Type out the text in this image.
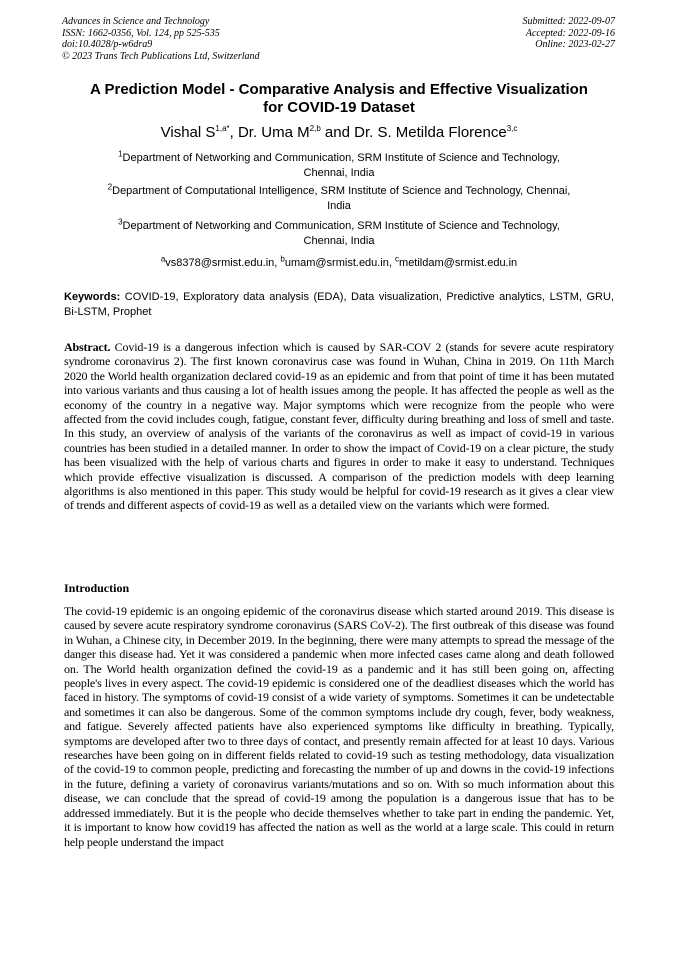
Advances in Science and Technology
ISSN: 1662-0356, Vol. 124, pp 525-535
doi:10.4028/p-w6dra9
© 2023 Trans Tech Publications Ltd, Switzerland
Submitted: 2022-09-07
Accepted: 2022-09-16
Online: 2023-02-27
A Prediction Model - Comparative Analysis and Effective Visualization
for COVID-19 Dataset
Vishal $S^{1,a*}$, Dr. Uma M$^{2,b}$ and Dr. S. Metilda Florence$^{3,c}$
$^1$Department of Networking and Communication, SRM Institute of Science and Technology,
Chennai, India
$^2$Department of Computational Intelligence, SRM Institute of Science and Technology, Chennai,
India
$^3$Department of Networking and Communication, SRM Institute of Science and Technology,
Chennai, India
$^a$vs8378@srmist.edu.in, $^b$umam@srmist.edu.in, $^c$metildam@srmist.edu.in
Keywords: COVID-19, Exploratory data analysis (EDA), Data visualization, Predictive analytics, LSTM, GRU, Bi-LSTM, Prophet
Abstract. Covid-19 is a dangerous infection which is caused by SAR-COV 2 (stands for severe acute respiratory syndrome coronavirus 2). The first known coronavirus case was found in Wuhan, China in 2019. On 11th March 2020 the World health organization declared covid-19 as an epidemic and from that point of time it has been mutated into various variants and thus causing a lot of health issues among the people. It has affected the people as well as the economy of the country in a negative way. Major symptoms which were recognize from the people who were affected from the covid includes cough, fatigue, constant fever, difficulty during breathing and loss of smell and taste. In this study, an overview of analysis of the variants of the coronavirus as well as impact of covid-19 in various countries has been studied in a detailed manner. In order to show the impact of Covid-19 on a clear picture, the study has been visualized with the help of various charts and figures in order to make it easy to understand. Techniques which provide effective visualization is discussed. A comparison of the prediction models with deep learning algorithms is also mentioned in this paper. This study would be helpful for covid-19 research as it gives a clear view of trends and different aspects of covid-19 as well as a detailed view on the variants which were formed.
Introduction
The covid-19 epidemic is an ongoing epidemic of the coronavirus disease which started around 2019. This disease is caused by severe acute respiratory syndrome coronavirus (SARS CoV-2). The first outbreak of this disease was found in Wuhan, a Chinese city, in December 2019. In the beginning, there were many attempts to spread the message of the danger this disease had. Yet it was considered a pandemic when more infected cases came along and death followed on. The World health organization defined the covid-19 as a pandemic and it has still been going on, affecting people's lives in every aspect. The covid-19 epidemic is considered one of the deadliest diseases which the world has faced in history. The symptoms of covid-19 consist of a wide variety of symptoms. Sometimes it can be undetectable and sometimes it can also be dangerous. Some of the common symptoms include dry cough, fever, body weakness, and fatigue. Severely affected patients have also experienced symptoms like difficulty in breathing. Typically, symptoms are developed after two to three days of contact, and presently remain affected for at least 10 days. Various researches have been going on in different fields related to covid-19 such as testing methodology, data visualization of the covid-19 to common people, predicting and forecasting the number of up and downs in the covid-19 infections in the future, defining a variety of coronavirus variants/mutations and so on. With so much information about this disease, we can conclude that the spread of covid-19 among the population is a dangerous issue that has to be addressed immediately. But it is the people who decide themselves whether to take part in ending the pandemic. Yet, it is important to know how covid19 has affected the nation as well as the world at a large scale. This could in return help people understand the impact
